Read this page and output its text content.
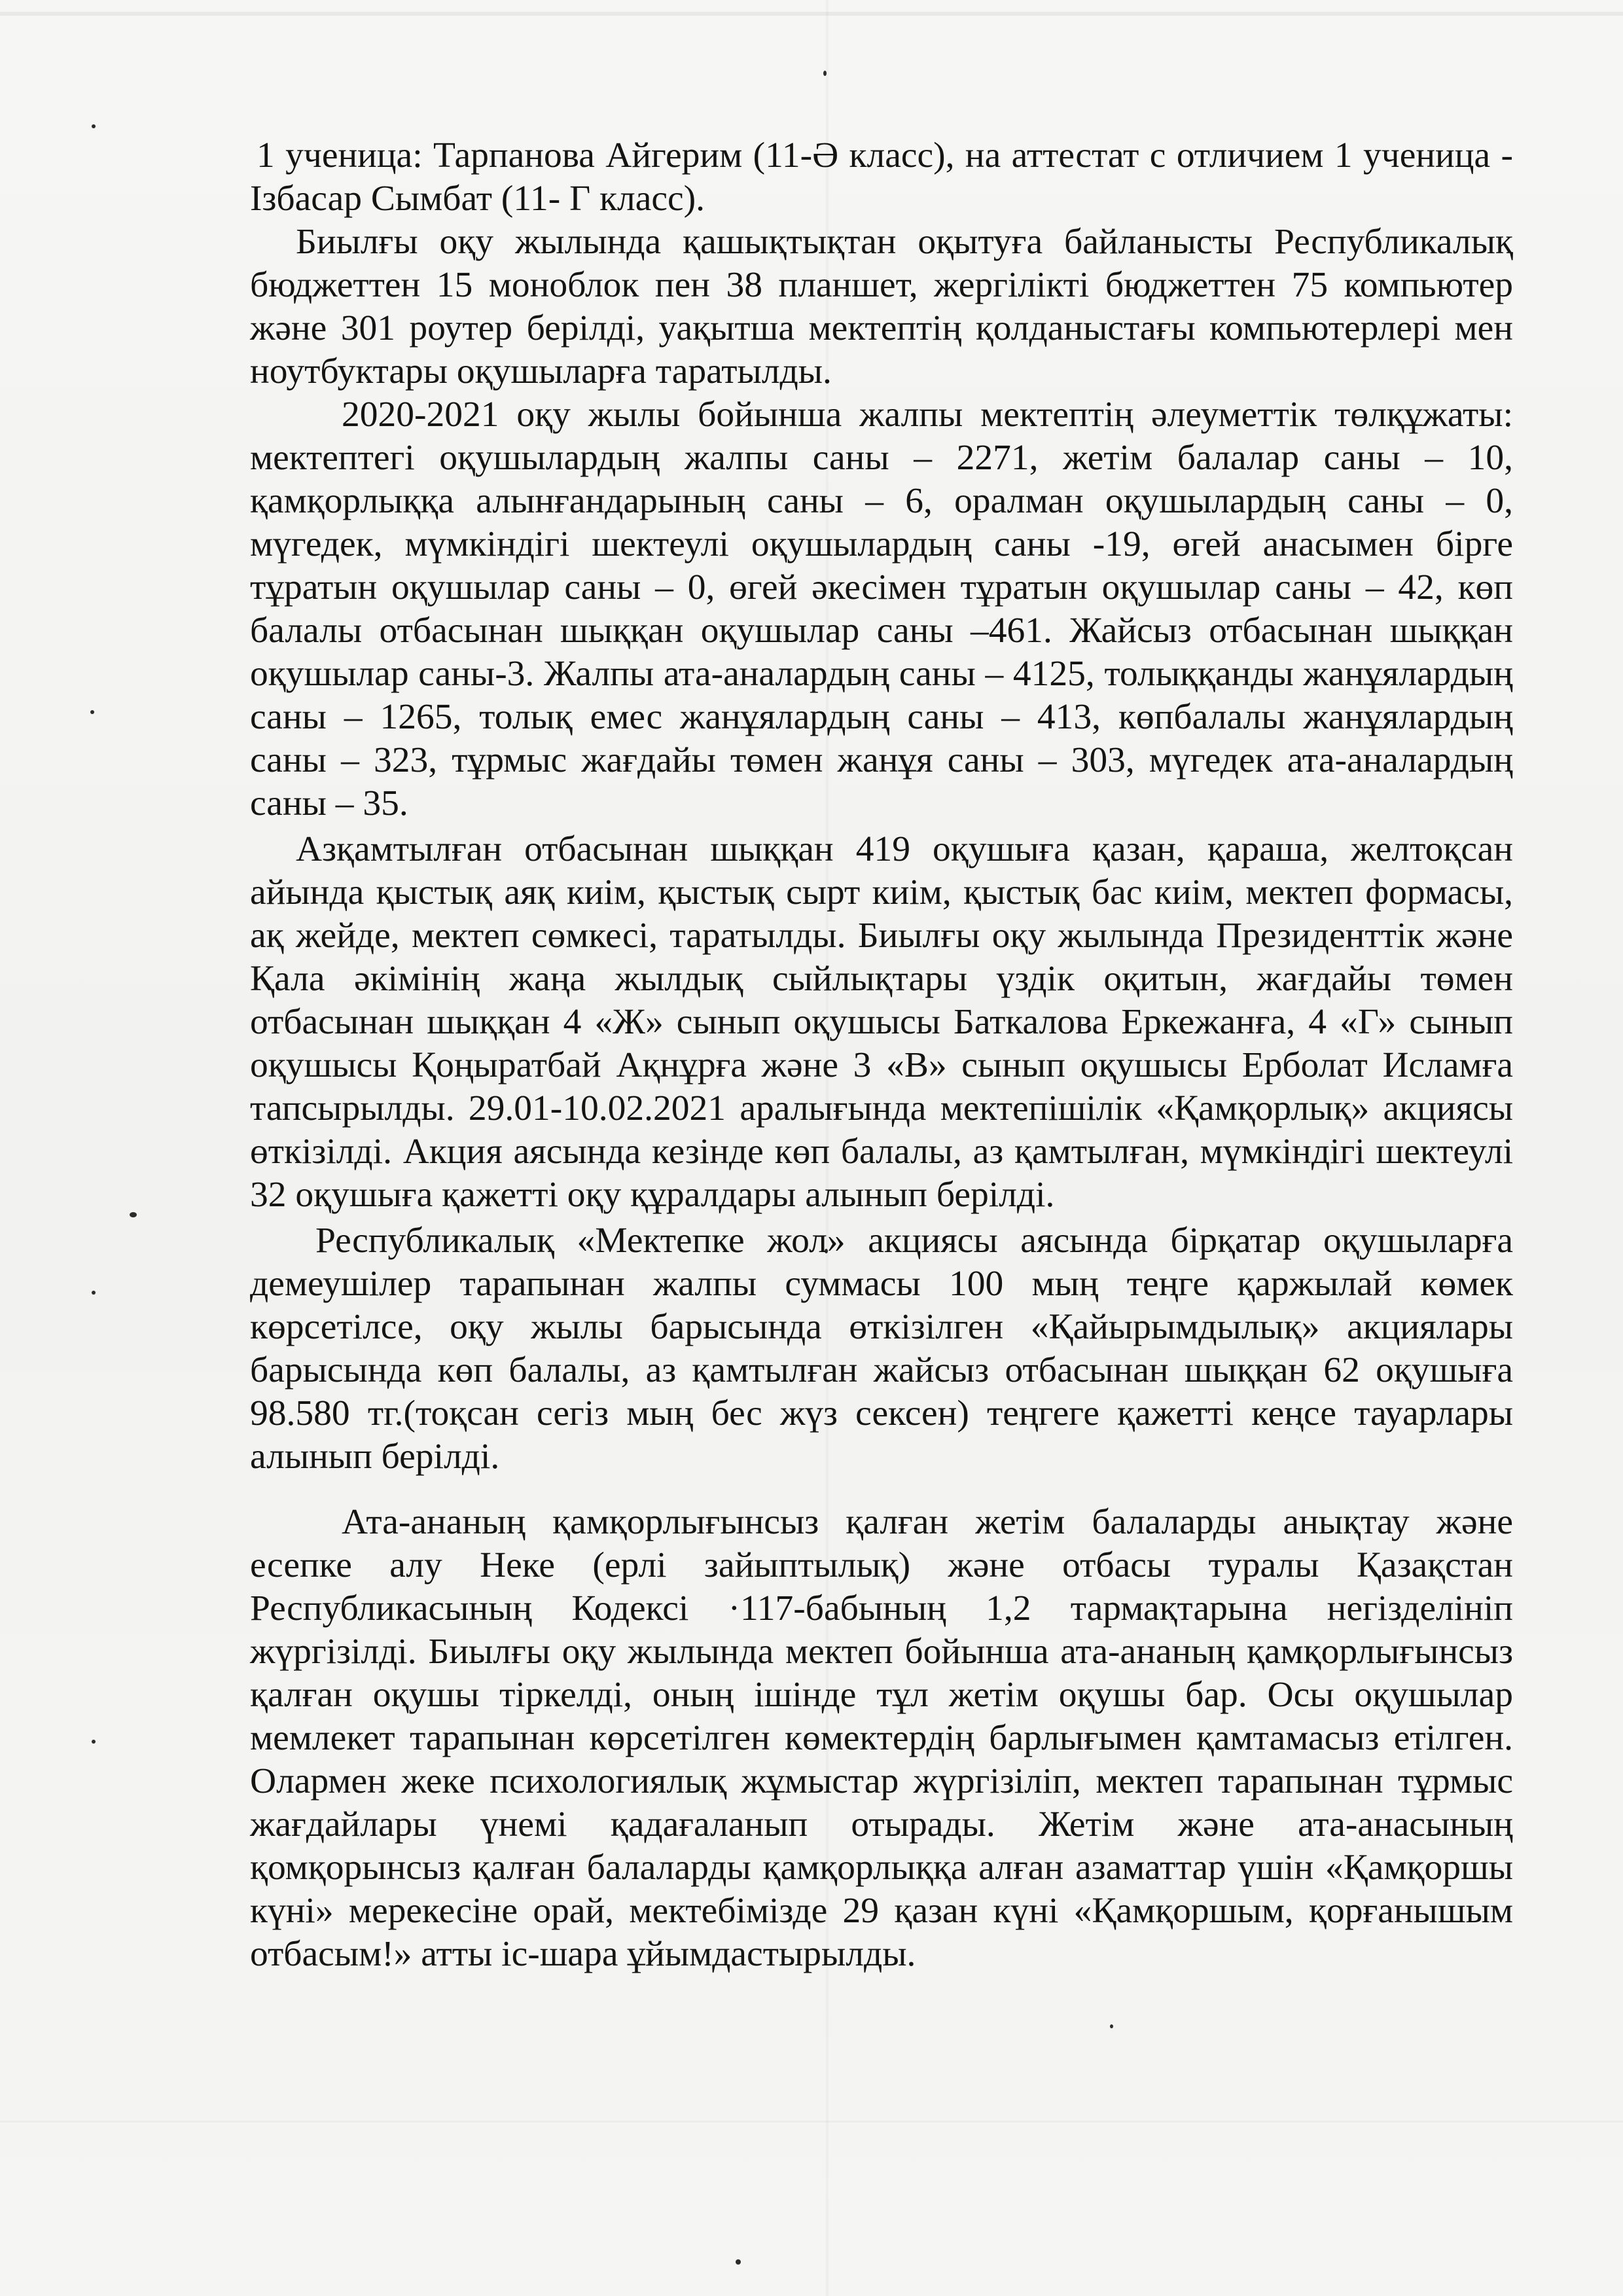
1 ученица: Тарпанова Айгерим (11-Ә класс), на аттестат с отличием 1 ученица - Ізбасар Сымбат (11- Г класс).

Биылғы оқу жылында қашықтықтан оқытуға байланысты Республикалық бюджеттен 15 моноблок пен 38 планшет, жергілікті бюджеттен 75 компьютер және 301 роутер берілді, уақытша мектептің қолданыстағы компьютерлері мен ноутбуктары оқушыларға таратылды.

2020-2021 оқу жылы бойынша жалпы мектептің әлеуметтік төлқұжаты: мектептегі оқушылардың жалпы саны – 2271, жетім балалар саны – 10, қамқорлыққа алынғандарының саны – 6, оралман оқушылардың саны – 0, мүгедек, мүмкіндігі шектеулі оқушылардың саны -19, өгей анасымен бірге тұратын оқушылар саны – 0, өгей әкесімен тұратын оқушылар саны – 42, көп балалы отбасынан шыққан оқушылар саны –461. Жайсыз отбасынан шыққан оқушылар саны-3. Жалпы ата-аналардың саны – 4125, толыққанды жанұялардың саны – 1265, толық емес жанұялардың саны – 413, көпбалалы жанұялардың саны – 323, тұрмыс жағдайы төмен жанұя саны – 303, мүгедек ата-аналардың саны – 35.

Азқамтылған отбасынан шыққан 419 оқушыға қазан, қараша, желтоқсан айында қыстық аяқ киім, қыстық сырт киім, қыстық бас киім, мектеп формасы, ақ жейде, мектеп сөмкесі, таратылды. Биылғы оқу жылында Президенттік және Қала әкімінің жаңа жылдық сыйлықтары үздік оқитын, жағдайы төмен отбасынан шыққан 4 «Ж» сынып оқушысы Баткалова Еркежанға, 4 «Г» сынып оқушысы Қоңыратбай Ақнұрға және 3 «В» сынып оқушысы Ерболат Исламға тапсырылды. 29.01-10.02.2021 аралығында мектепішілік «Қамқорлық» акциясы өткізілді. Акция аясында кезінде көп балалы, аз қамтылған, мүмкіндігі шектеулі 32 оқушыға қажетті оқу құралдары алынып берілді.

Республикалық «Мектепке жол» акциясы аясында бірқатар оқушыларға демеушілер тарапынан жалпы суммасы 100 мың теңге қаржылай көмек көрсетілсе, оқу жылы барысында өткізілген «Қайырымдылық» акциялары барысында көп балалы, аз қамтылған жайсыз отбасынан шыққан 62 оқушыға 98.580 тг.(тоқсан сегіз мың бес жүз сексен) теңгеге қажетті кеңсе тауарлары алынып берілді.

Ата-ананың қамқорлығынсыз қалған жетім балаларды анықтау және есепке алу Неке (ерлі зайыптылық) және отбасы туралы Қазақстан Республикасының Кодексі ·117-бабының 1,2 тармақтарына негізделініп жүргізілді. Биылғы оқу жылында мектеп бойынша ата-ананың қамқорлығынсыз қалған оқушы тіркелді, оның ішінде тұл жетім оқушы бар. Осы оқушылар мемлекет тарапынан көрсетілген көмектердің барлығымен қамтамасыз етілген. Олармен жеке психологиялық жұмыстар жүргізіліп, мектеп тарапынан тұрмыс жағдайлары үнемі қадағаланып отырады. Жетім және ата-анасының қомқорынсыз қалған балаларды қамқорлыққа алған азаматтар үшін «Қамқоршы күні» мерекесіне орай, мектебімізде 29 қазан күні «Қамқоршым, қорғанышым отбасым!» атты іс-шара ұйымдастырылды.
